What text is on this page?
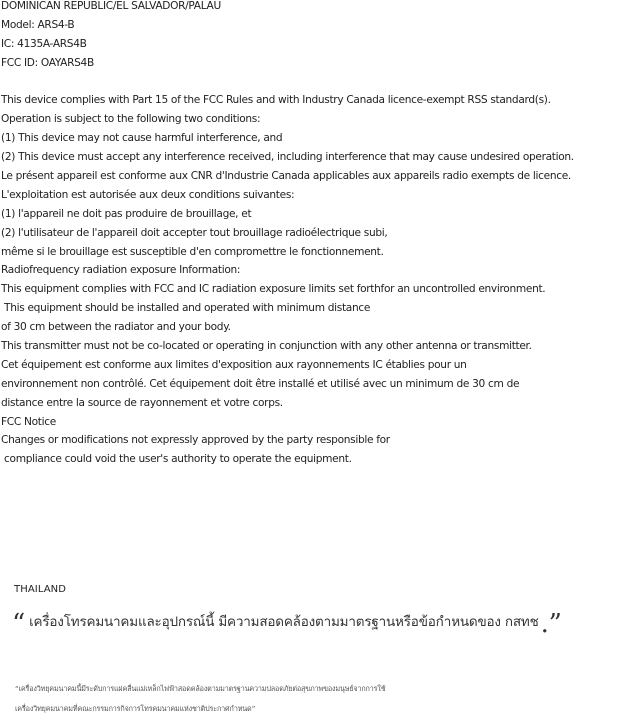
DOMINICAN REPUBLIC/EL SALVADOR/PALAU
Model: ARS4-B
IC: 4135A-ARS4B
FCC ID: OAYARS4B
This device complies with Part 15 of the FCC Rules and with Industry Canada licence-exempt RSS standard(s).
Operation is subject to the following two conditions:
(1) This device may not cause harmful interference, and
(2) This device must accept any interference received, including interference that may cause undesired operation.
Le présent appareil est conforme aux CNR d'Industrie Canada applicables aux appareils radio exempts de licence.
L'exploitation est autorisée aux deux conditions suivantes:
(1) l'appareil ne doit pas produire de brouillage, et
(2) l'utilisateur de l'appareil doit accepter tout brouillage radioélectrique subi,
même si le brouillage est susceptible d'en compromettre le fonctionnement.
Radiofrequency radiation exposure Information:
This equipment complies with FCC and IC radiation exposure limits set forthfor an uncontrolled environment.
This equipment should be installed and operated with minimum distance
of 30 cm between the radiator and your body.
This transmitter must not be co-located or operating in conjunction with any other antenna or transmitter.
Cet équipement est conforme aux limites d'exposition aux rayonnements IC établies pour un
environnement non contrôlé. Cet équipement doit être installé et utilisé avec un minimum de 30 cm de
distance entre la source de rayonnement et votre corps.
FCC Notice
Changes or modifications not expressly approved by the party responsible for
compliance could void the user's authority to operate the equipment.
THAILAND
“ เครื่องโทรคมนาคมและอุปกรณ์นี้ มีความสอดคล้องตามมาตรฐานหรือข้อกำหนดของ กสทช.”
“เครื่องวิทยุคมนาคมนี้มีระดับการแผ่คลื่นแม่เหล็กไฟฟ้าสอดคล้องตามมาตรฐานความปลอดภัยต่อสุขภาพของมนุษย์จากการใช้
เครื่องวิทยุคมนาคมที่คณะกรรมการกิจการโทรคมนาคมแห่งชาติประกาศกำหนด”
